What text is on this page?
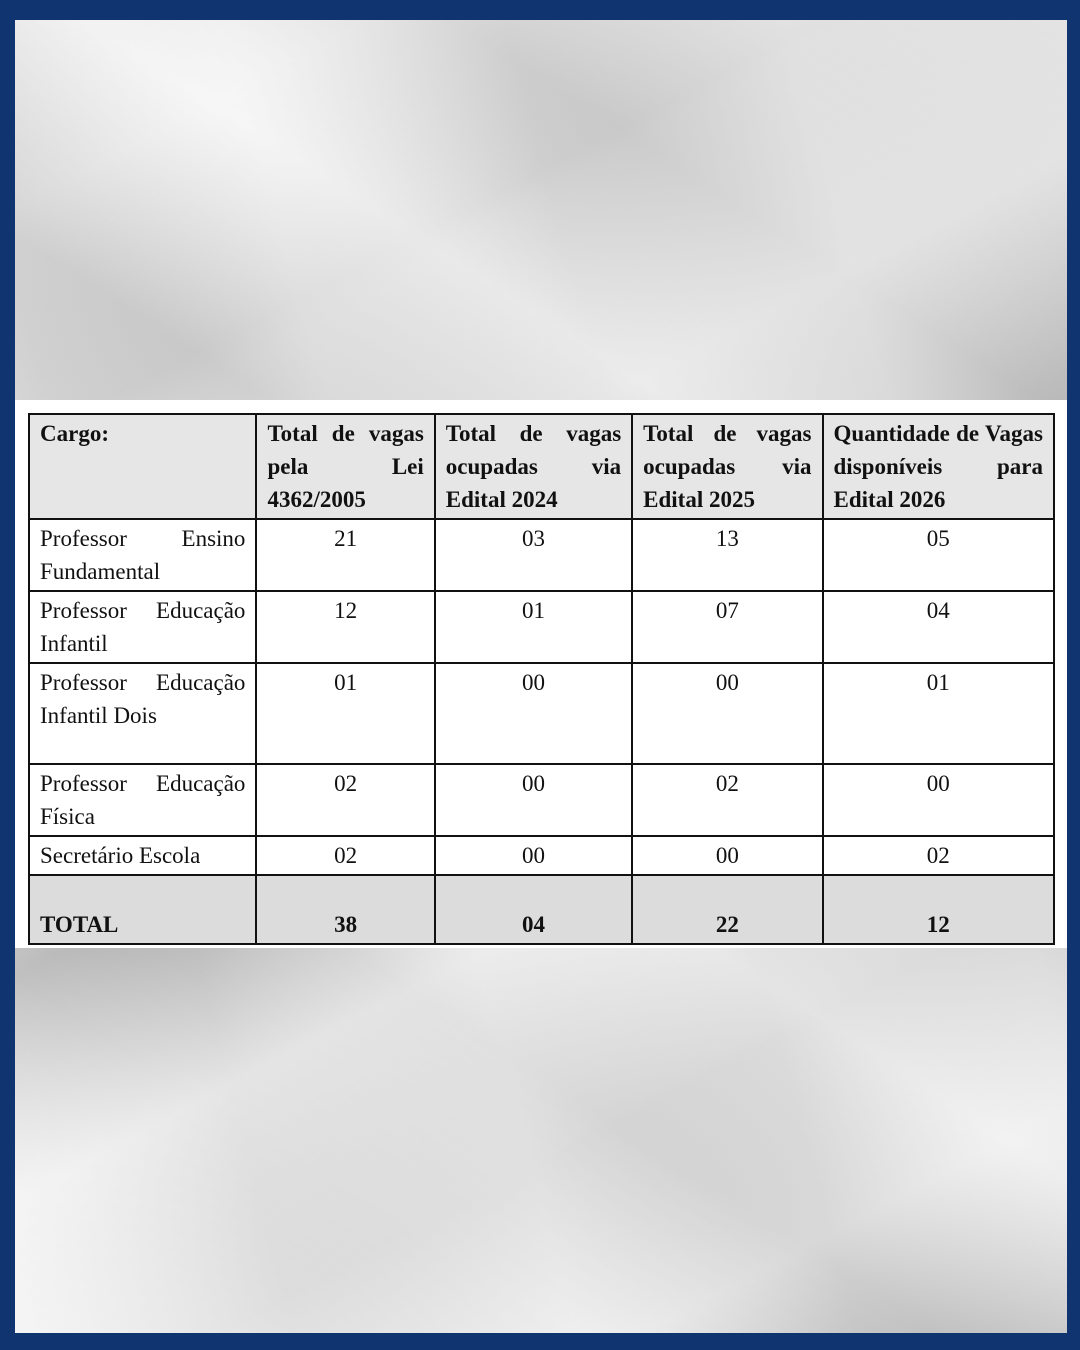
Cargo:	Total de vagas pela Lei 4362/2005	Total de vagas ocupadas via Edital 2024	Total de vagas ocupadas via Edital 2025	Quantidade de Vagas disponíveis para Edital 2026
Professor Ensino Fundamental	21	03	13	05
Professor Educação Infantil	12	01	07	04
Professor Educação Infantil Dois	01	00	00	01
Professor Educação Física	02	00	02	00
Secretário Escola	02	00	00	02
TOTAL	38	04	22	12
